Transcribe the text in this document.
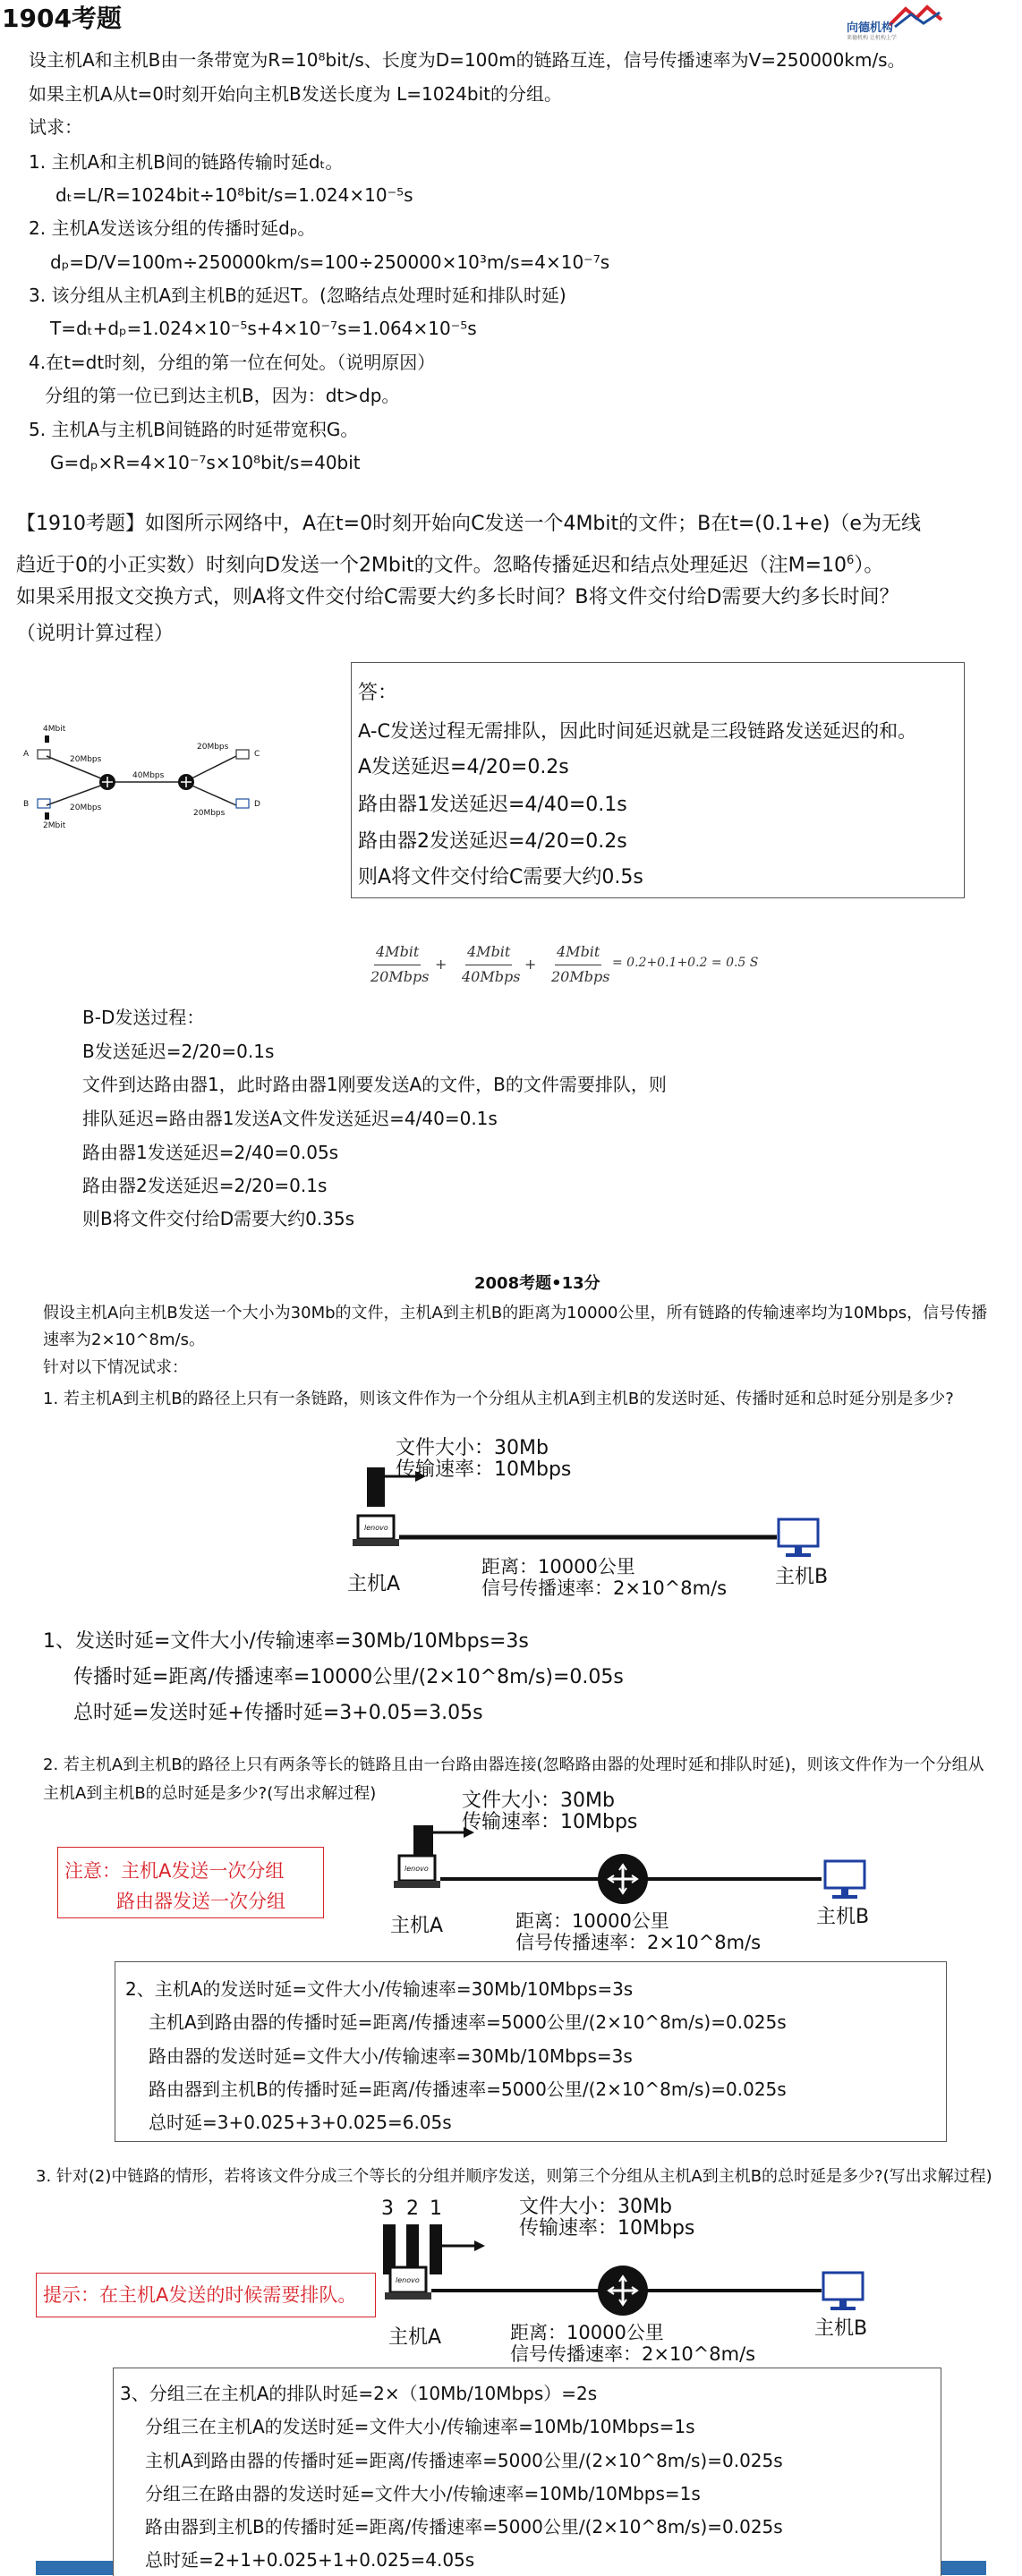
向德机构
来德机构 让机构上学
1904考题
设主机A和主机B由一条带宽为R=10⁸bit/s、长度为D=100m的链路互连，信号传播速率为V=250000km/s。
如果主机A从t=0时刻开始向主机B发送长度为 L=1024bit的分组。
试求：
1. 主机A和主机B间的链路传输时延dₜ。
dₜ=L/R=1024bit÷10⁸bit/s=1.024×10⁻⁵s
2. 主机A发送该分组的传播时延dₚ。
dₚ=D/V=100m÷250000km/s=100÷250000×10³m/s=4×10⁻⁷s
3. 该分组从主机A到主机B的延迟T。(忽略结点处理时延和排队时延)
T=dₜ+dₚ=1.024×10⁻⁵s+4×10⁻⁷s=1.064×10⁻⁵s
4.在t=dt时刻，分组的第一位在何处。（说明原因）
分组的第一位已到达主机B，因为：dt>dp。
5. 主机A与主机B间链路的时延带宽积G。
G=dₚ×R=4×10⁻⁷s×10⁸bit/s=40bit
【1910考题】如图所示网络中，A在t=0时刻开始向C发送一个4Mbit的文件；B在t=(0.1+e)（e为无线
趋近于0的小正实数）时刻向D发送一个2Mbit的文件。忽略传播延迟和结点处理延迟（注$M=10^6$）。
如果采用报文交换方式，则A将文件交付给C需要大约多长时间？B将文件交付给D需要大约多长时间？
（说明计算过程）
A
B
C
D
4Mbit
2Mbit
20Mbps
20Mbps
40Mbps
20Mbps
20Mbps
答：
A-C发送过程无需排队，因此时间延迟就是三段链路发送延迟的和。
A发送延迟=4/20=0.2s
路由器1发送延迟=4/40=0.1s
路由器2发送延迟=4/20=0.2s
则A将文件交付给C需要大约0.5s
4Mbit
20Mbps
+
4Mbit
40Mbps
+
4Mbit
20Mbps
= 0.2+0.1+0.2 = 0.5 S
B-D发送过程：
B发送延迟=2/20=0.1s
文件到达路由器1，此时路由器1刚要发送A的文件，B的文件需要排队，则
排队延迟=路由器1发送A文件发送延迟=4/40=0.1s
路由器1发送延迟=2/40=0.05s
路由器2发送延迟=2/20=0.1s
则B将文件交付给D需要大约0.35s
2008考题•13分
假设主机A向主机B发送一个大小为30Mb的文件，主机A到主机B的距离为10000公里，所有链路的传输速率均为10Mbps，信号传播
速率为2×10^8m/s。
针对以下情况试求：
1. 若主机A到主机B的路径上只有一条链路，则该文件作为一个分组从主机A到主机B的发送时延、传播时延和总时延分别是多少?
lenovo
文件大小：30Mb
传输速率：10Mbps
距离：10000公里
信号传播速率：2×10^8m/s
主机A	主机B
1、发送时延=文件大小/传输速率=30Mb/10Mbps=3s
传播时延=距离/传播速率=10000公里/(2×10^8m/s)=0.05s
总时延=发送时延+传播时延=3+0.05=3.05s
2. 若主机A到主机B的路径上只有两条等长的链路且由一台路由器连接(忽略路由器的处理时延和排队时延)，则该文件作为一个分组从
主机A到主机B的总时延是多少?(写出求解过程)
注意：主机A发送一次分组
路由器发送一次分组
lenovo
文件大小：30Mb
传输速率：10Mbps
距离：10000公里
信号传播速率：2×10^8m/s
主机A	主机B
2、主机A的发送时延=文件大小/传输速率=30Mb/10Mbps=3s
主机A到路由器的传播时延=距离/传播速率=5000公里/(2×10^8m/s)=0.025s
路由器的发送时延=文件大小/传输速率=30Mb/10Mbps=3s
路由器到主机B的传播时延=距离/传播速率=5000公里/(2×10^8m/s)=0.025s
总时延=3+0.025+3+0.025=6.05s
3. 针对(2)中链路的情形，若将该文件分成三个等长的分组并顺序发送，则第三个分组从主机A到主机B的总时延是多少?(写出求解过程)
提示：在主机A发送的时候需要排队。
3 2 1
lenovo
文件大小：30Mb
传输速率：10Mbps
距离：10000公里
信号传播速率：2×10^8m/s
主机A	主机B
3、分组三在主机A的排队时延=2×（10Mb/10Mbps）=2s
分组三在主机A的发送时延=文件大小/传输速率=10Mb/10Mbps=1s
主机A到路由器的传播时延=距离/传播速率=5000公里/(2×10^8m/s)=0.025s
分组三在路由器的发送时延=文件大小/传输速率=10Mb/10Mbps=1s
路由器到主机B的传播时延=距离/传播速率=5000公里/(2×10^8m/s)=0.025s
总时延=2+1+0.025+1+0.025=4.05s
